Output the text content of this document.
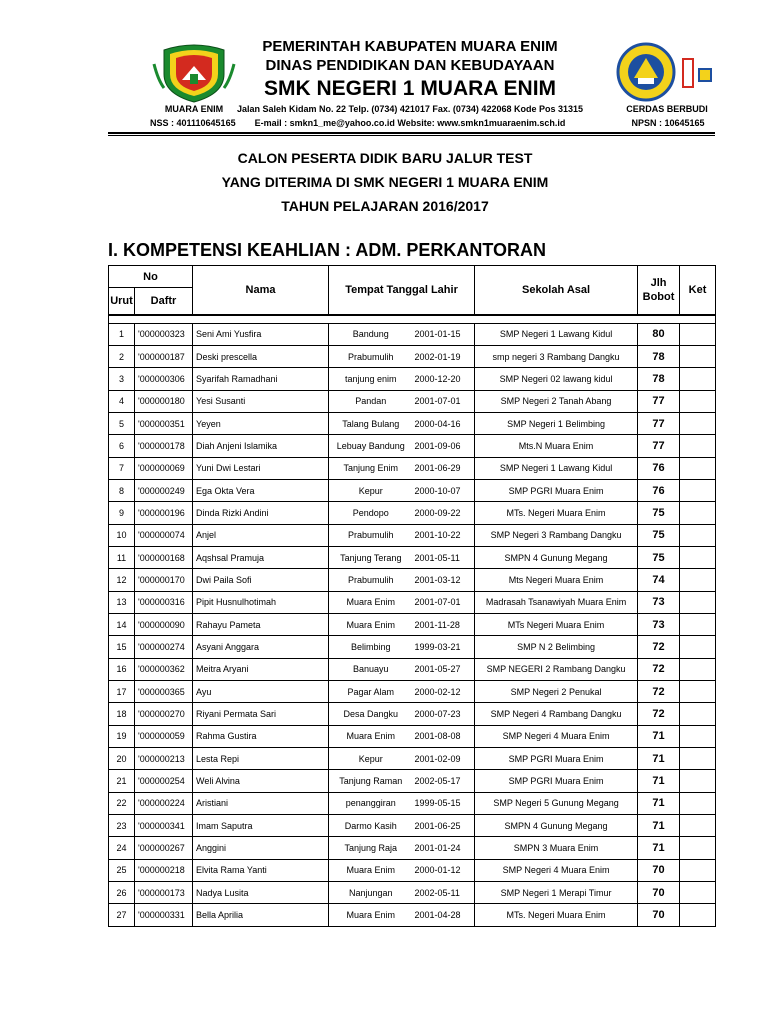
MUARA ENIM
NSS : 401110645165
PEMERINTAH KABUPATEN MUARA ENIM
DINAS PENDIDIKAN DAN KEBUDAYAAN
SMK NEGERI 1 MUARA ENIM
Jalan Saleh Kidam No. 22 Telp. (0734) 421017 Fax. (0734) 422068 Kode Pos 31315
E-mail : smkn1_me@yahoo.co.id Website: www.smkn1muaraenim.sch.id
CERDAS BERBUDI
NPSN : 10645165
CALON PESERTA DIDIK BARU JALUR TEST
YANG DITERIMA DI SMK NEGERI 1 MUARA ENIM
TAHUN PELAJARAN 2016/2017
I. KOMPETENSI KEAHLIAN : ADM. PERKANTORAN
No		Nama	Tempat Tanggal Lahir		Sekolah Asal	Jlh Bobot	Ket
Urut	Daftr						

1	'000000323	Seni Ami Yusfira	Bandung	2001-01-15	SMP Negeri 1 Lawang Kidul	80	
2	'000000187	Deski prescella	Prabumulih	2002-01-19	smp negeri 3 Rambang Dangku	78	
3	'000000306	Syarifah Ramadhani	tanjung enim	2000-12-20	SMP Negeri 02 lawang kidul	78	
4	'000000180	Yesi Susanti	Pandan	2001-07-01	SMP Negeri 2 Tanah Abang	77	
5	'000000351	Yeyen	Talang Bulang	2000-04-16	SMP Negeri 1 Belimbing	77	
6	'000000178	Diah Anjeni Islamika	Lebuay Bandung	2001-09-06	Mts.N Muara Enim	77	
7	'000000069	Yuni Dwi Lestari	Tanjung Enim	2001-06-29	SMP Negeri 1 Lawang Kidul	76	
8	'000000249	Ega Okta Vera	Kepur	2000-10-07	SMP PGRI Muara Enim	76	
9	'000000196	Dinda Rizki Andini	Pendopo	2000-09-22	MTs. Negeri Muara Enim	75	
10	'000000074	Anjel	Prabumulih	2001-10-22	SMP Negeri 3 Rambang Dangku	75	
11	'000000168	Aqshsal Pramuja	Tanjung Terang	2001-05-11	SMPN 4 Gunung Megang	75	
12	'000000170	Dwi Paila Sofi	Prabumulih	2001-03-12	Mts Negeri Muara Enim	74	
13	'000000316	Pipit Husnulhotimah	Muara Enim	2001-07-01	Madrasah Tsanawiyah Muara Enim	73	
14	'000000090	Rahayu Pameta	Muara Enim	2001-11-28	MTs Negeri Muara Enim	73	
15	'000000274	Asyani Anggara	Belimbing	1999-03-21	SMP N 2 Belimbing	72	
16	'000000362	Meitra Aryani	Banuayu	2001-05-27	SMP NEGERI 2 Rambang Dangku	72	
17	'000000365	Ayu	Pagar Alam	2000-02-12	SMP Negeri 2 Penukal	72	
18	'000000270	Riyani Permata Sari	Desa Dangku	2000-07-23	SMP Negeri 4 Rambang Dangku	72	
19	'000000059	Rahma Gustira	Muara Enim	2001-08-08	SMP Negeri 4 Muara Enim	71	
20	'000000213	Lesta Repi	Kepur	2001-02-09	SMP PGRI Muara Enim	71	
21	'000000254	Weli Alvina	Tanjung Raman	2002-05-17	SMP PGRI Muara Enim	71	
22	'000000224	Aristiani	penanggiran	1999-05-15	SMP Negeri 5 Gunung Megang	71	
23	'000000341	Imam Saputra	Darmo Kasih	2001-06-25	SMPN 4 Gunung Megang	71	
24	'000000267	Anggini	Tanjung Raja	2001-01-24	SMPN 3 Muara Enim	71	
25	'000000218	Elvita Rama Yanti	Muara Enim	2000-01-12	SMP Negeri 4 Muara Enim	70	
26	'000000173	Nadya Lusita	Nanjungan	2002-05-11	SMP Negeri 1 Merapi Timur	70	
27	'000000331	Bella Aprilia	Muara Enim	2001-04-28	MTs. Negeri Muara Enim	70	
